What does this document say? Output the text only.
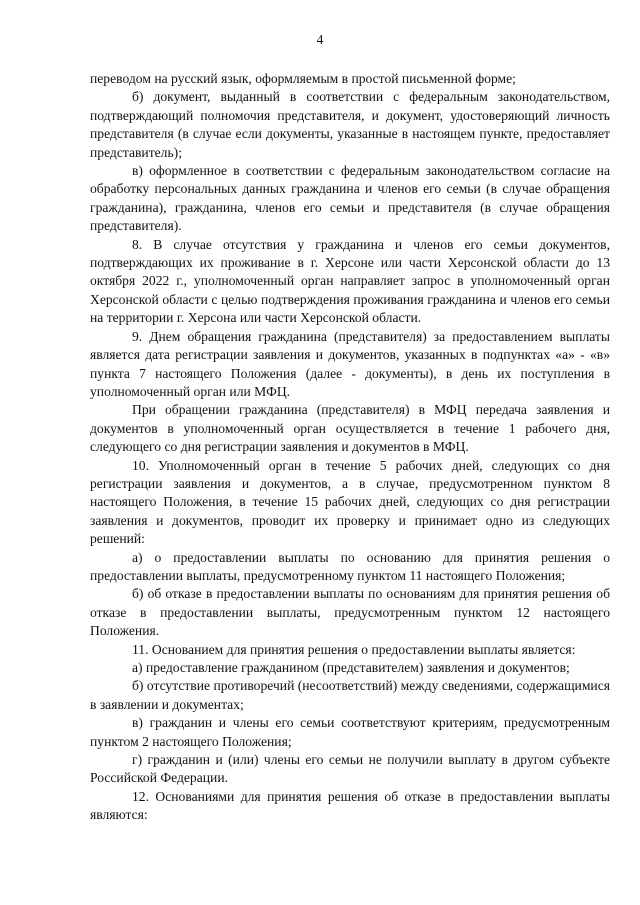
4

переводом на русский язык, оформляемым в простой письменной форме;

б) документ, выданный в соответствии с федеральным законодательством, подтверждающий полномочия представителя, и документ, удостоверяющий личность представителя (в случае если документы, указанные в настоящем пункте, предоставляет представитель);

в) оформленное в соответствии с федеральным законодательством согласие на обработку персональных данных гражданина и членов его семьи (в случае обращения гражданина), гражданина, членов его семьи и представителя (в случае обращения представителя).

8. В случае отсутствия у гражданина и членов его семьи документов, подтверждающих их проживание в г. Херсоне или части Херсонской области до 13 октября 2022 г., уполномоченный орган направляет запрос в уполномоченный орган Херсонской области с целью подтверждения проживания гражданина и членов его семьи на территории г. Херсона или части Херсонской области.

9. Днем обращения гражданина (представителя) за предоставлением выплаты является дата регистрации заявления и документов, указанных в подпунктах «а» - «в» пункта 7 настоящего Положения (далее - документы), в день их поступления в уполномоченный орган или МФЦ.

При обращении гражданина (представителя) в МФЦ передача заявления и документов в уполномоченный орган осуществляется в течение 1 рабочего дня, следующего со дня регистрации заявления и документов в МФЦ.

10. Уполномоченный орган в течение 5 рабочих дней, следующих со дня регистрации заявления и документов, а в случае, предусмотренном пунктом 8 настоящего Положения, в течение 15 рабочих дней, следующих со дня регистрации заявления и документов, проводит их проверку и принимает одно из следующих решений:

а) о предоставлении выплаты по основанию для принятия решения о предоставлении выплаты, предусмотренному пунктом 11 настоящего Положения;

б) об отказе в предоставлении выплаты по основаниям для принятия решения об отказе в предоставлении выплаты, предусмотренным пунктом 12 настоящего Положения.

11. Основанием для принятия решения о предоставлении выплаты является:

а) предоставление гражданином (представителем) заявления и документов;

б) отсутствие противоречий (несоответствий) между сведениями, содержащимися в заявлении и документах;

в) гражданин и члены его семьи соответствуют критериям, предусмотренным пунктом 2 настоящего Положения;

г) гражданин и (или) члены его семьи не получили выплату в другом субъекте Российской Федерации.

12. Основаниями для принятия решения об отказе в предоставлении выплаты являются:
